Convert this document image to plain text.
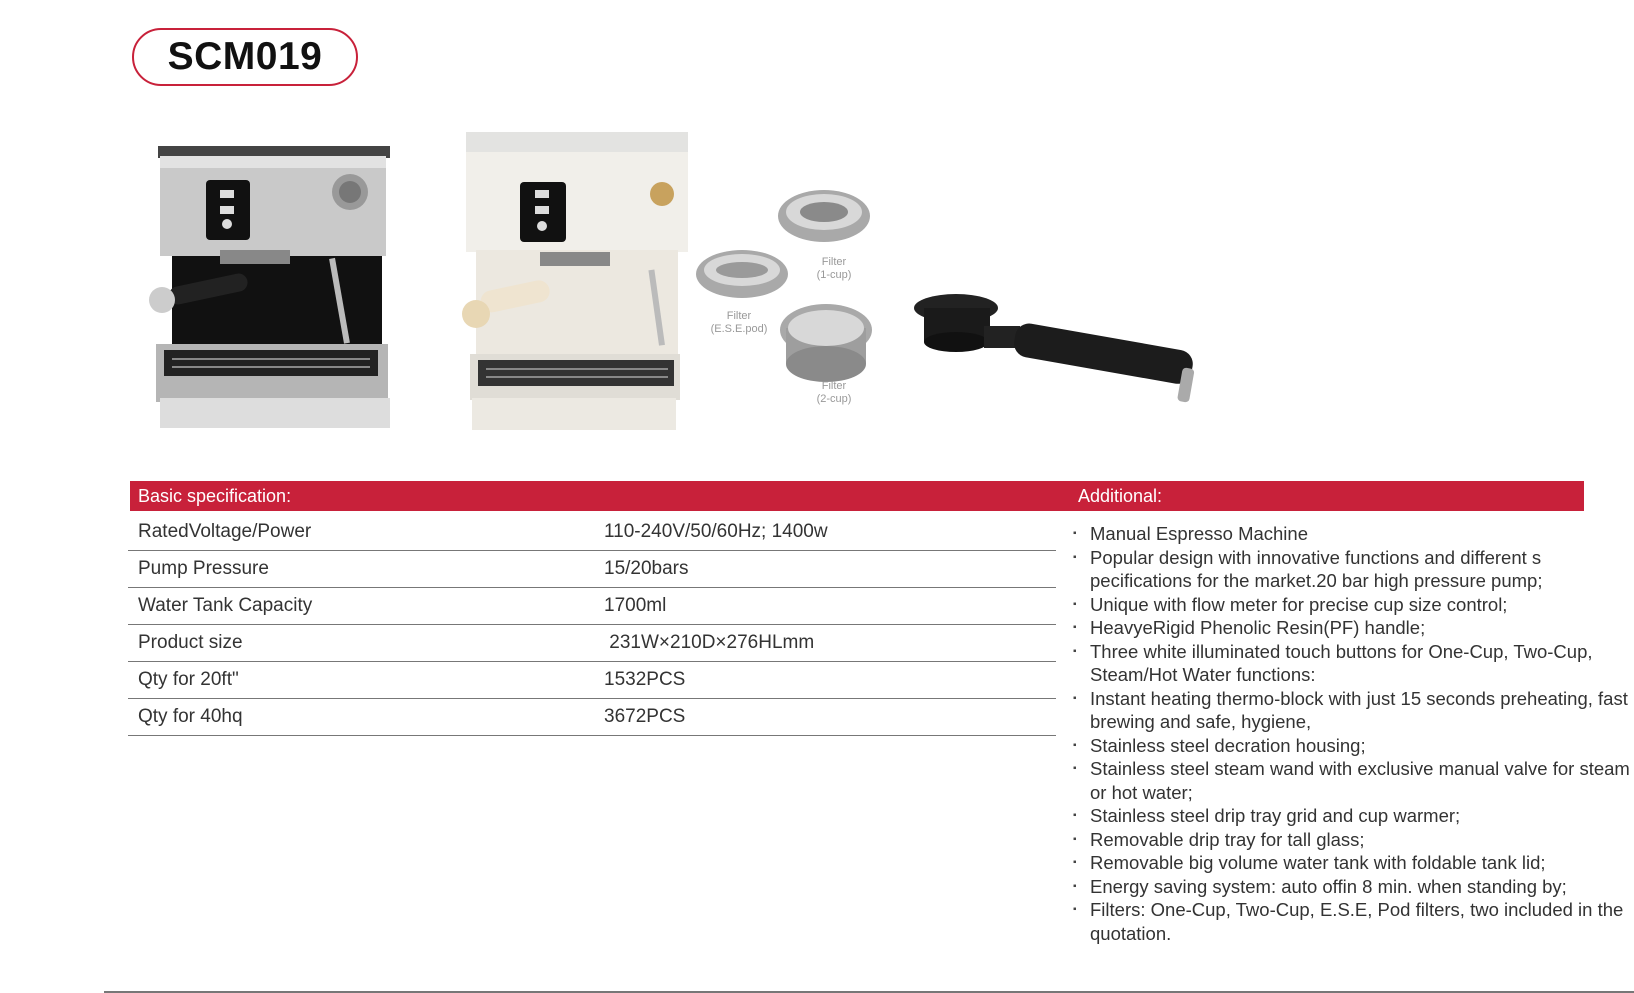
SCM019
Filter
(1-cup)
Filter
(E.S.E.pod)
Filter
(2-cup)
Basic specification:	Additional:
RatedVoltage/Power	110-240V/50/60Hz; 1400w
Pump Pressure	15/20bars
Water Tank Capacity	1700ml
Product size	231W×210D×276HLmm
Qty for 20ft"	1532PCS
Qty for 40hq	3672PCS
▪ Manual Espresso Machine
▪ Popular design with innovative functions and different s pecifications for the market.20 bar high pressure pump;
▪ Unique with flow meter for precise cup size control;
▪ HeavyeRigid Phenolic Resin(PF) handle;
▪ Three white illuminated touch buttons for One-Cup, Two-Cup, Steam/Hot Water functions:
▪ Instant heating thermo-block with just 15 seconds preheating, fast brewing and safe, hygiene,
▪ Stainless steel decration housing;
▪ Stainless steel steam wand with exclusive manual valve for steam or hot water;
▪ Stainless steel drip tray grid and cup warmer;
▪ Removable drip tray for tall glass;
▪ Removable big volume water tank with foldable tank lid;
▪ Energy saving system: auto offin 8 min. when standing by;
▪ Filters: One-Cup, Two-Cup, E.S.E, Pod filters, two included in the quotation.
